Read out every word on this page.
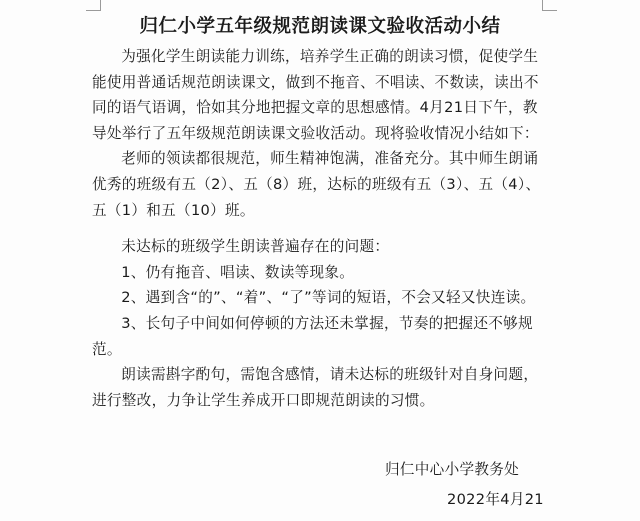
归仁小学五年级规范朗读课文验收活动小结

为强化学生朗读能力训练，培养学生正确的朗读习惯，促使学生能使用普通话规范朗读课文，做到不拖音、不唱读、不数读，读出不同的语气语调，恰如其分地把握文章的思想感情。4月21日下午，教导处举行了五年级规范朗读课文验收活动。现将验收情况小结如下：

老师的领读都很规范，师生精神饱满，准备充分。其中师生朗诵优秀的班级有五（2）、五（8）班，达标的班级有五（3）、五（4）、五（1）和五（10）班。

未达标的班级学生朗读普遍存在的问题：

1、仍有拖音、唱读、数读等现象。

2、遇到含“的”、“着”、“了”等词的短语，不会又轻又快连读。

3、长句子中间如何停顿的方法还未掌握，节奏的把握还不够规范。

朗读需斟字酌句，需饱含感情，请未达标的班级针对自身问题，进行整改，力争让学生养成开口即规范朗读的习惯。

归仁中心小学教务处
2022年4月21
